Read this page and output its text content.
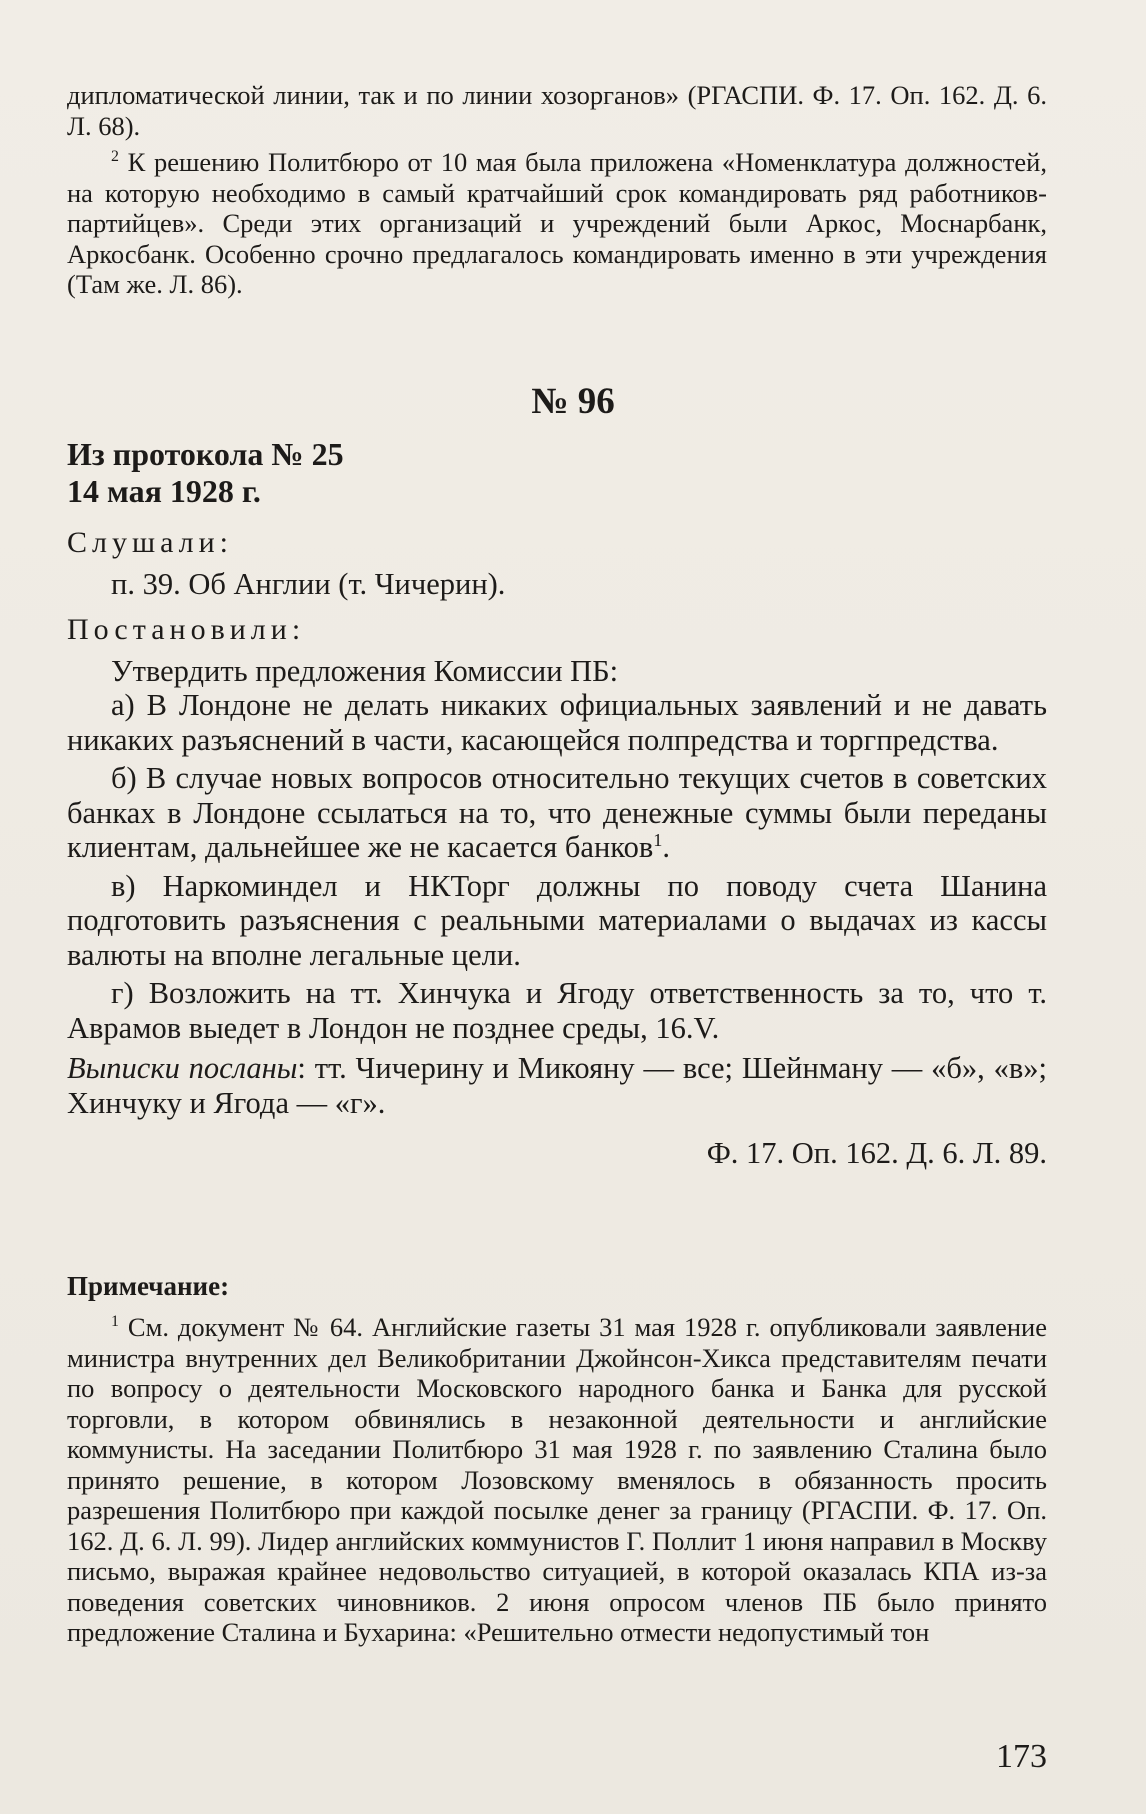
дипломатической линии, так и по линии хозорганов» (РГАСПИ. Ф. 17. Оп. 162. Д. 6. Л. 68).

$^2$ К решению Политбюро от 10 мая была приложена «Номенклатура должностей, на которую необходимо в самый кратчайший срок командировать ряд работников-партийцев». Среди этих организаций и учреждений были Аркос, Моснарбанк, Аркосбанк. Особенно срочно предлагалось командировать именно в эти учреждения (Там же. Л. 86).

№ 96

Из протокола № 25

14 мая 1928 г.

Слушали:

п. 39. Об Англии (т. Чичерин).

Постановили:

Утвердить предложения Комиссии ПБ:

а) В Лондоне не делать никаких официальных заявлений и не давать никаких разъяснений в части, касающейся полпредства и торгпредства.

б) В случае новых вопросов относительно текущих счетов в советских банках в Лондоне ссылаться на то, что денежные суммы были переданы клиентам, дальнейшее же не касается банков$^1$.

в) Наркоминдел и НКТорг должны по поводу счета Шанина подготовить разъяснения с реальными материалами о выдачах из кассы валюты на вполне легальные цели.

г) Возложить на тт. Хинчука и Ягоду ответственность за то, что т. Аврамов выедет в Лондон не позднее среды, 16.V.

Выписки посланы: тт. Чичерину и Микояну — все; Шейнману — «б», «в»; Хинчуку и Ягода — «г».

Ф. 17. Оп. 162. Д. 6. Л. 89.

Примечание:

$^1$ См. документ № 64. Английские газеты 31 мая 1928 г. опубликовали заявление министра внутренних дел Великобритании Джойнсон-Хикса представителям печати по вопросу о деятельности Московского народного банка и Банка для русской торговли, в котором обвинялись в незаконной деятельности и английские коммунисты. На заседании Политбюро 31 мая 1928 г. по заявлению Сталина было принято решение, в котором Лозовскому вменялось в обязанность просить разрешения Политбюро при каждой посылке денег за границу (РГАСПИ. Ф. 17. Оп. 162. Д. 6. Л. 99). Лидер английских коммунистов Г. Поллит 1 июня направил в Москву письмо, выражая крайнее недовольство ситуацией, в которой оказалась КПА из-за поведения советских чиновников. 2 июня опросом членов ПБ было принято предложение Сталина и Бухарина: «Решительно отмести недопустимый тон

173
